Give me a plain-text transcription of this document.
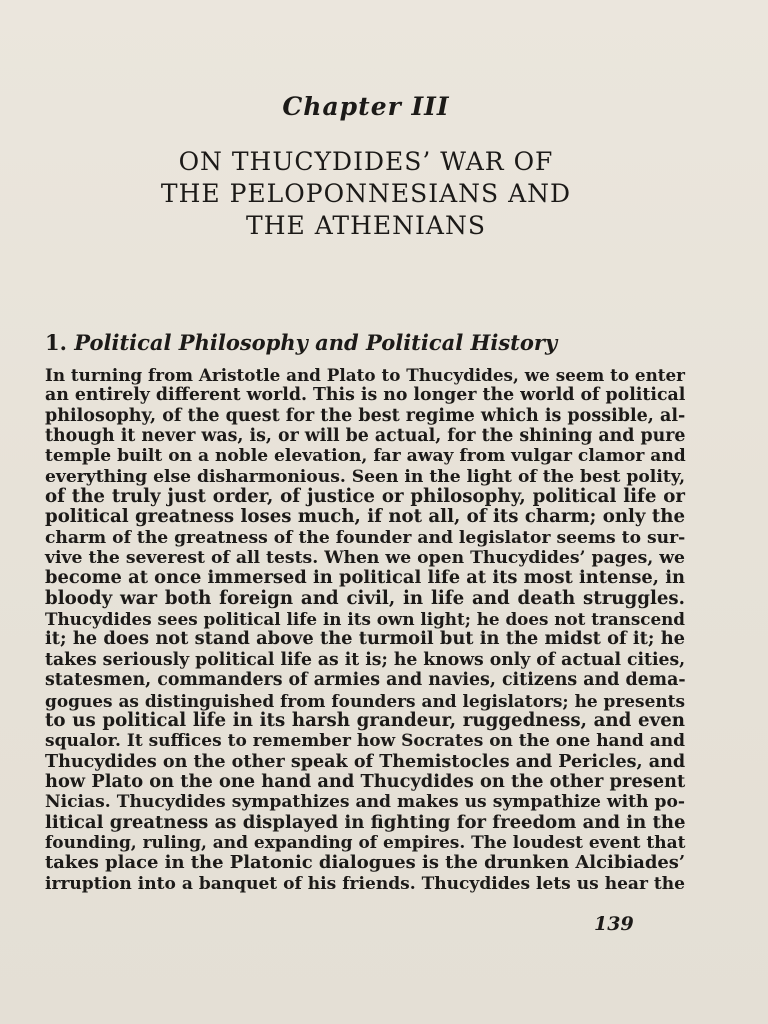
Chapter III
ON THUCYDIDES’ WAR OF
THE PELOPONNESIANS AND
THE ATHENIANS
1. Political Philosophy and Political History
In turning from Aristotle and Plato to Thucydides, we seem to enter
an entirely different world. This is no longer the world of political
philosophy, of the quest for the best regime which is possible, al-
though it never was, is, or will be actual, for the shining and pure
temple built on a noble elevation, far away from vulgar clamor and
everything else disharmonious. Seen in the light of the best polity,
of the truly just order, of justice or philosophy, political life or
political greatness loses much, if not all, of its charm; only the
charm of the greatness of the founder and legislator seems to sur-
vive the severest of all tests. When we open Thucydides’ pages, we
become at once immersed in political life at its most intense, in
bloody war both foreign and civil, in life and death struggles.
Thucydides sees political life in its own light; he does not transcend
it; he does not stand above the turmoil but in the midst of it; he
takes seriously political life as it is; he knows only of actual cities,
statesmen, commanders of armies and navies, citizens and dema-
gogues as distinguished from founders and legislators; he presents
to us political life in its harsh grandeur, ruggedness, and even
squalor. It suffices to remember how Socrates on the one hand and
Thucydides on the other speak of Themistocles and Pericles, and
how Plato on the one hand and Thucydides on the other present
Nicias. Thucydides sympathizes and makes us sympathize with po-
litical greatness as displayed in fighting for freedom and in the
founding, ruling, and expanding of empires. The loudest event that
takes place in the Platonic dialogues is the drunken Alcibiades’
irruption into a banquet of his friends. Thucydides lets us hear the
139
